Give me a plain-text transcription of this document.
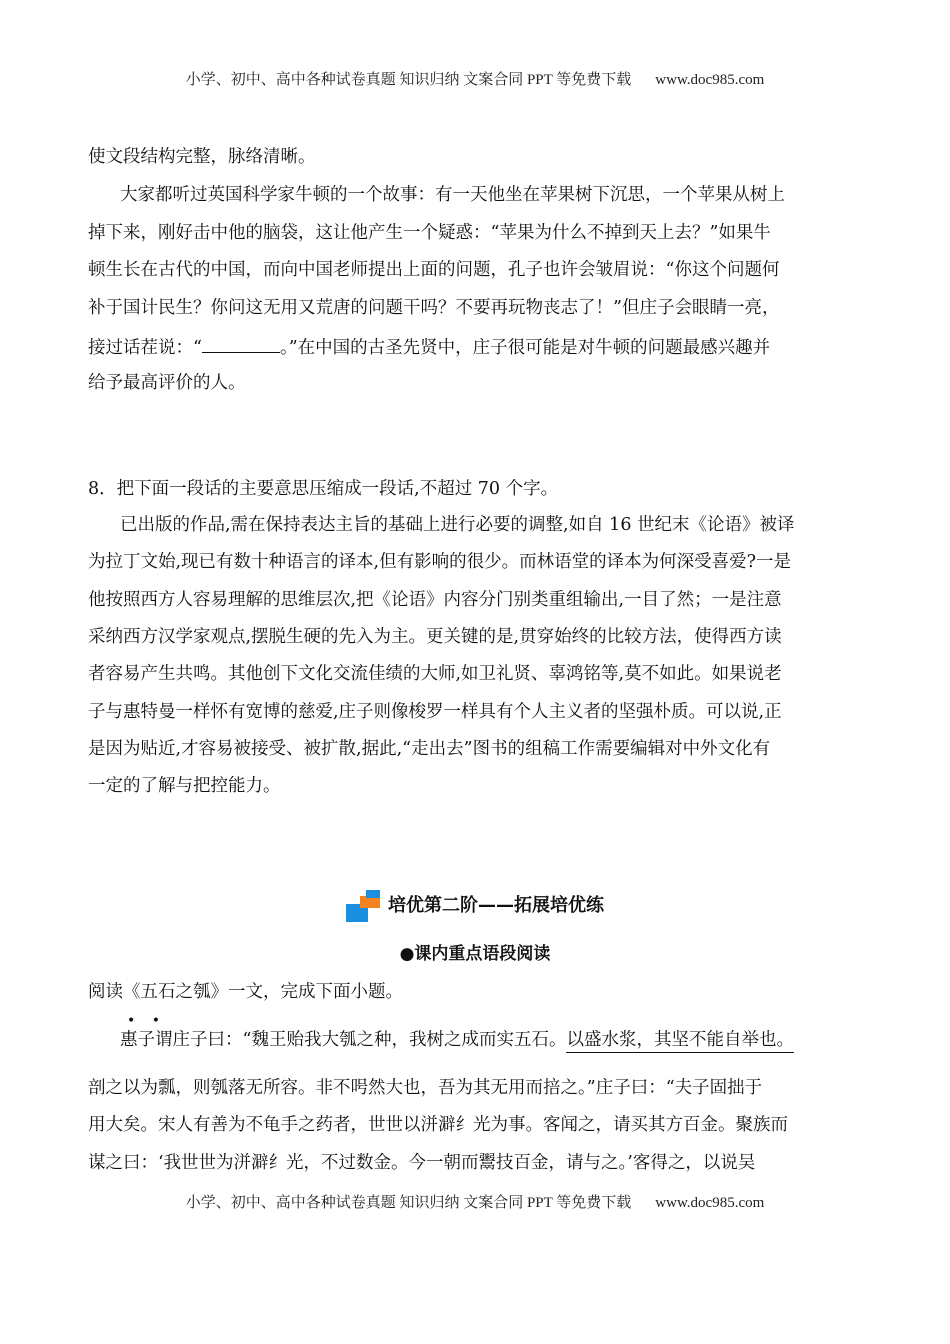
小学、初中、高中各种试卷真题 知识归纳 文案合同 PPT 等免费下载 www.doc985.com
使文段结构完整，脉络清晰。
大家都听过英国科学家牛顿的一个故事：有一天他坐在苹果树下沉思，一个苹果从树上
掉下来，刚好击中他的脑袋，这让他产生一个疑惑：“苹果为什么不掉到天上去？”如果牛
顿生长在古代的中国，而向中国老师提出上面的问题，孔子也许会皱眉说：“你这个问题何
补于国计民生？你问这无用又荒唐的问题干吗？不要再玩物丧志了！”但庄子会眼睛一亮，
接过话茬说：“	。”在中国的古圣先贤中，庄子很可能是对牛顿的问题最感兴趣并
给予最高评价的人。
8．把下面一段话的主要意思压缩成一段话,不超过 70 个字。
已出版的作品,需在保持表达主旨的基础上进行必要的调整,如自 16 世纪末《论语》被译
为拉丁文始,现已有数十种语言的译本,但有影响的很少。而林语堂的译本为何深受喜爱?一是
他按照西方人容易理解的思维层次,把《论语》内容分门别类重组输出,一目了然；一是注意
采纳西方汉学家观点,摆脱生硬的先入为主。更关键的是,贯穿始终的比较方法，使得西方读
者容易产生共鸣。其他创下文化交流佳绩的大师,如卫礼贤、辜鸿铭等,莫不如此。如果说老
子与惠特曼一样怀有宽博的慈爱,庄子则像梭罗一样具有个人主义者的坚强朴质。可以说,正
是因为贴近,才容易被接受、被扩散,据此,“走出去”图书的组稿工作需要编辑对中外文化有
一定的了解与把控能力。
培优第二阶——拓展培优练
●课内重点语段阅读
阅读《五石之瓠》一文，完成下面小题。
• •
惠子谓庄子曰：“魏王贻我大瓠之种，我树之成而实五石。以盛水浆，其坚不能自举也。
剖之以为瓢，则瓠落无所容。非不呺然大也，吾为其无用而掊之。”庄子曰：“夫子固拙于
用大矣。宋人有善为不龟手之药者，世世以洴澼纟光为事。客闻之，请买其方百金。聚族而
谋之曰：‘我世世为洴澼纟光，不过数金。今一朝而鬻技百金，请与之。’客得之，以说吴
小学、初中、高中各种试卷真题 知识归纳 文案合同 PPT 等免费下载 www.doc985.com
